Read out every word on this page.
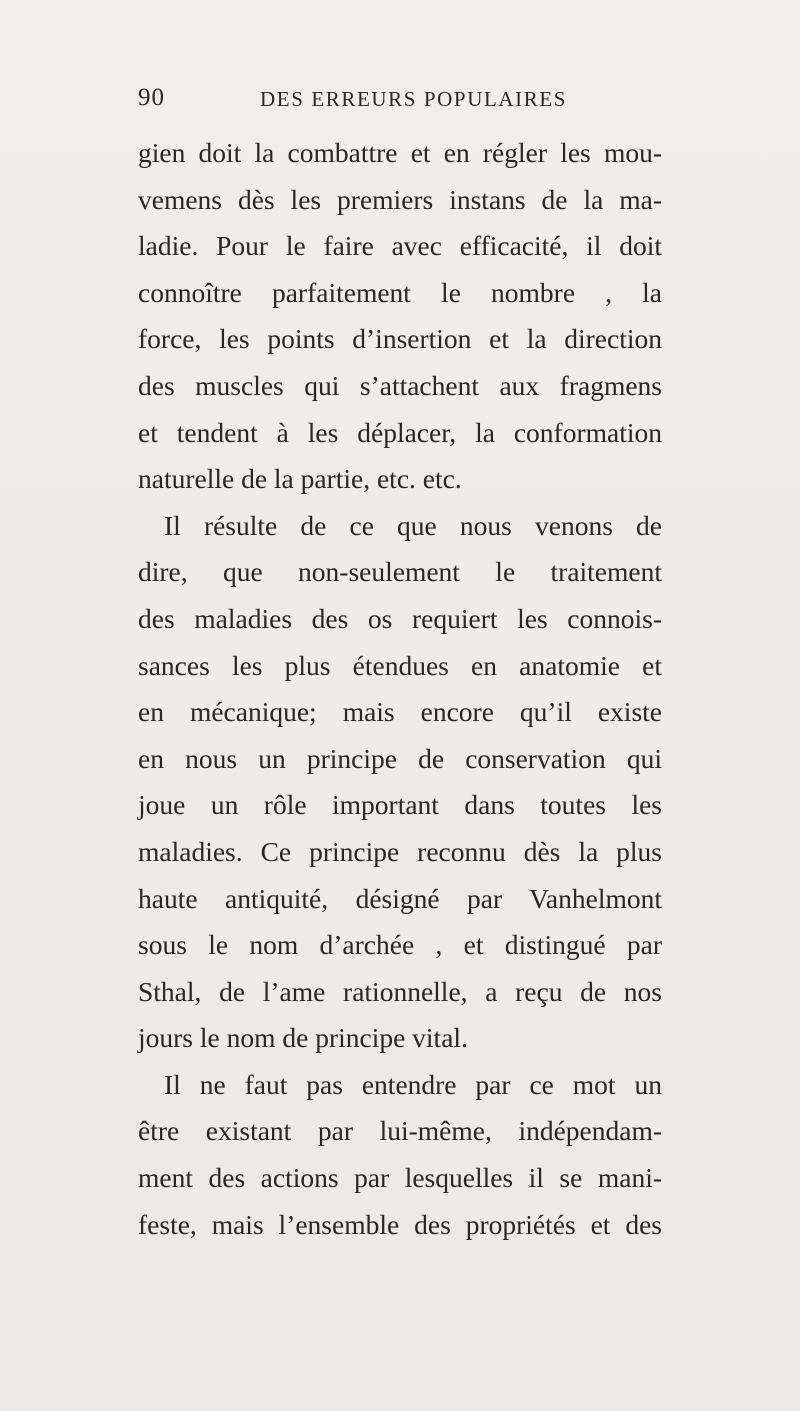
90	DES ERREURS POPULAIRES
gien doit la combattre et en régler les mou-
vemens dès les premiers instans de la ma-
ladie. Pour le faire avec efficacité, il doit
connoître parfaitement le nombre , la
force, les points d’insertion et la direction
des muscles qui s’attachent aux fragmens
et tendent à les déplacer, la conformation
naturelle de la partie, etc. etc.
Il résulte de ce que nous venons de
dire, que non-seulement le traitement
des maladies des os requiert les connois-
sances les plus étendues en anatomie et
en mécanique; mais encore qu’il existe
en nous un principe de conservation qui
joue un rôle important dans toutes les
maladies. Ce principe reconnu dès la plus
haute antiquité, désigné par Vanhelmont
sous le nom d’archée , et distingué par
Sthal, de l’ame rationnelle, a reçu de nos
jours le nom de principe vital.
Il ne faut pas entendre par ce mot un
être existant par lui-même, indépendam-
ment des actions par lesquelles il se mani-
feste, mais l’ensemble des propriétés et des
